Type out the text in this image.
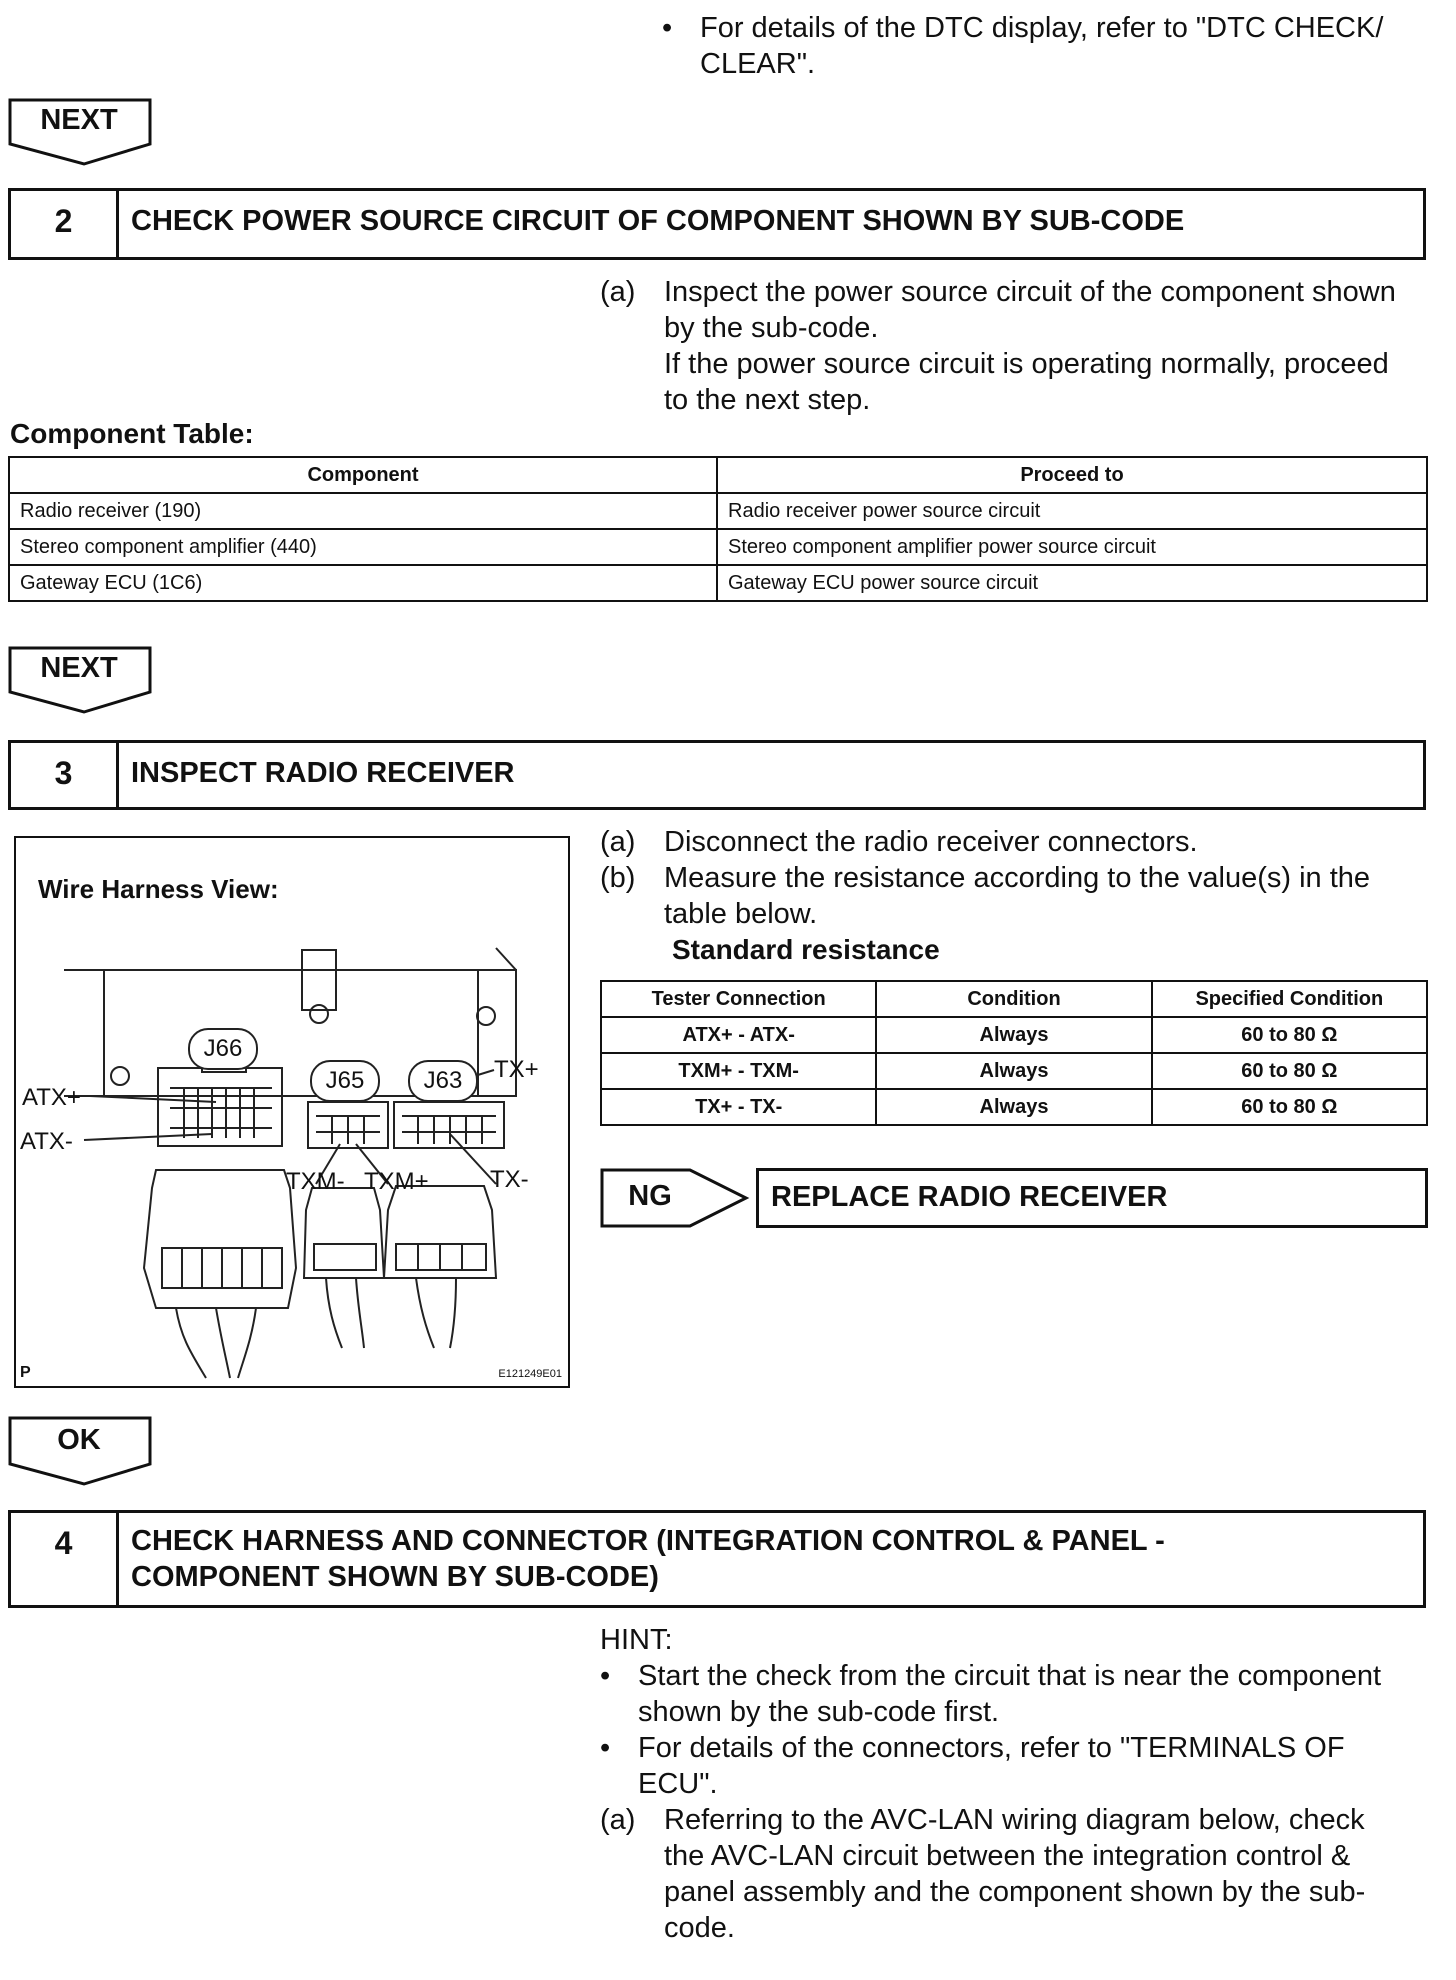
• For details of the DTC display, refer to "DTC CHECK/
CLEAR".
NEXT
2	CHECK POWER SOURCE CIRCUIT OF COMPONENT SHOWN BY SUB-CODE
(a) Inspect the power source circuit of the component shown
by the sub-code.
If the power source circuit is operating normally, proceed
to the next step.
Component Table:
Component	Proceed to
Radio receiver (190)	Radio receiver power source circuit
Stereo component amplifier (440)	Stereo component amplifier power source circuit
Gateway ECU (1C6)	Gateway ECU power source circuit
NEXT
3	INSPECT RADIO RECEIVER
Wire Harness View:
J66
J65	J63
ATX+
ATX-
TXM- TXM+
TX+
TX-
P	E121249E01
(a) Disconnect the radio receiver connectors.
(b) Measure the resistance according to the value(s) in the
table below.
Standard resistance
Tester Connection	Condition	Specified Condition
ATX+ - ATX-	Always	60 to 80 Ω
TXM+ - TXM-	Always	60 to 80 Ω
TX+ - TX-	Always	60 to 80 Ω
NG	REPLACE RADIO RECEIVER
OK
4	CHECK HARNESS AND CONNECTOR (INTEGRATION CONTROL & PANEL -
COMPONENT SHOWN BY SUB-CODE)
HINT:
• Start the check from the circuit that is near the component
shown by the sub-code first.
• For details of the connectors, refer to "TERMINALS OF
ECU".
(a) Referring to the AVC-LAN wiring diagram below, check
the AVC-LAN circuit between the integration control &
panel assembly and the component shown by the sub-
code.
